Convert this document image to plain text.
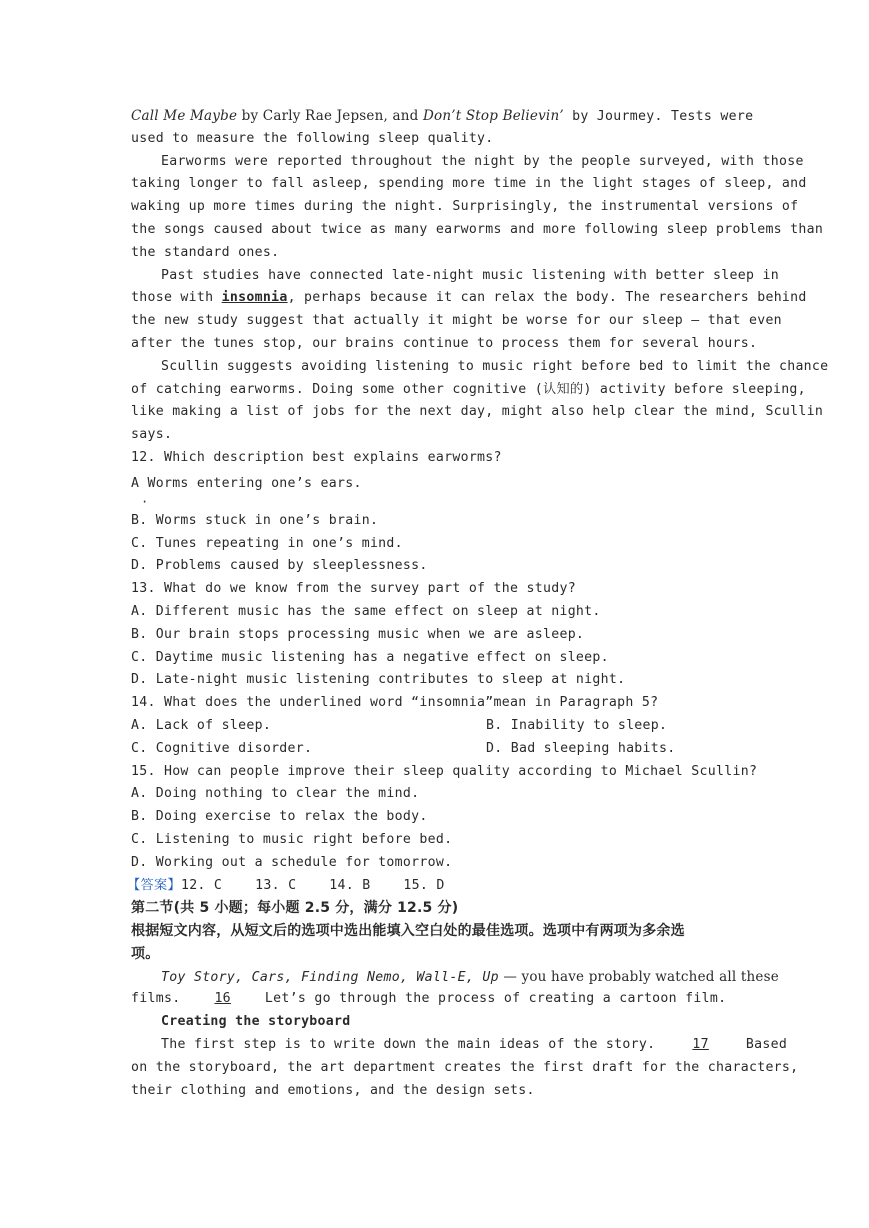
Call Me Maybe by Carly Rae Jepsen, and Don’t Stop Believin’ by Jourmey. Tests were
used to measure the following sleep quality.
Earworms were reported throughout the night by the people surveyed, with those
taking longer to fall asleep, spending more time in the light stages of sleep, and
waking up more times during the night. Surprisingly, the instrumental versions of
the songs caused about twice as many earworms and more following sleep problems than
the standard ones.
Past studies have connected late-night music listening with better sleep in
those with insomnia, perhaps because it can relax the body. The researchers behind
the new study suggest that actually it might be worse for our sleep — that even
after the tunes stop, our brains continue to process them for several hours.
Scullin suggests avoiding listening to music right before bed to limit the chance
of catching earworms. Doing some other cognitive (认知的) activity before sleeping,
like making a list of jobs for the next day, might also help clear the mind, Scullin
says.
12. Which description best explains earworms?
A Worms entering one’s ears.
·
B. Worms stuck in one’s brain.
C. Tunes repeating in one’s mind.
D. Problems caused by sleeplessness.
13. What do we know from the survey part of the study?
A. Different music has the same effect on sleep at night.
B. Our brain stops processing music when we are asleep.
C. Daytime music listening has a negative effect on sleep.
D. Late-night music listening contributes to sleep at night.
14. What does the underlined word “insomnia”mean in Paragraph 5?
A. Lack of sleep.	B. Inability to sleep.
C. Cognitive disorder.	D. Bad sleeping habits.
15. How can people improve their sleep quality according to Michael Scullin?
A. Doing nothing to clear the mind.
B. Doing exercise to relax the body.
C. Listening to music right before bed.
D. Working out a schedule for tomorrow.
【答案】12. C    13. C    14. B    15. D
第二节(共 5 小题；每小题 2.5 分，满分 12.5 分)
根据短文内容，从短文后的选项中选出能填入空白处的最佳选项。选项中有两项为多余选
项。
Toy Story, Cars, Finding Nemo, Wall-E, Up — you have probably watched all these
films. 16 Let’s go through the process of creating a cartoon film.
Creating the storyboard
The first step is to write down the main ideas of the story. 17 Based
on the storyboard, the art department creates the first draft for the characters,
their clothing and emotions, and the design sets.
